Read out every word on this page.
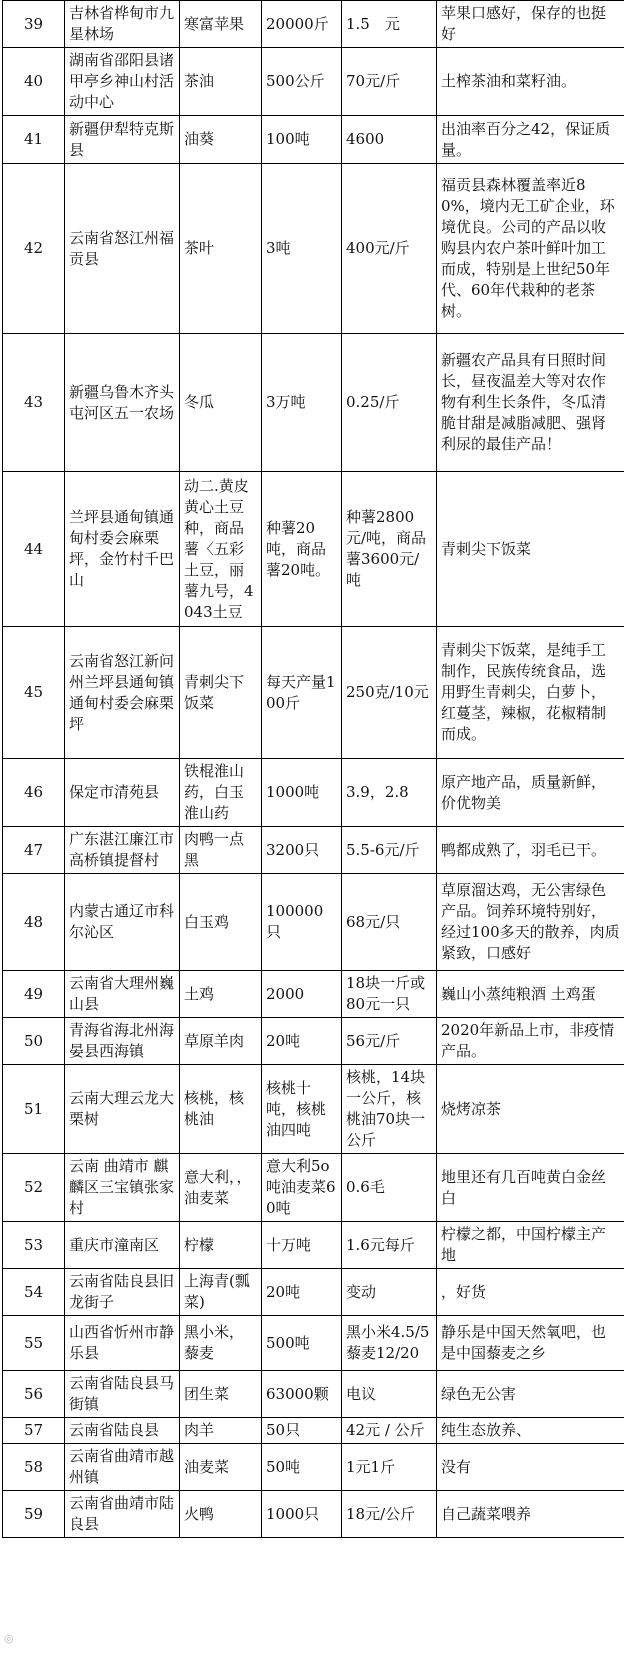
39	吉林省桦甸市九星林场	寒富苹果	20000斤	1.5　元	苹果口感好，保存的也挺好
40	湖南省邵阳县诸甲亭乡神山村活动中心	茶油	500公斤	70元/斤	土榨茶油和菜籽油。
41	新疆伊犁特克斯县	油葵	100吨	4600	出油率百分之42，保证质量。
42	云南省怒江州福贡县	茶叶	3吨	400元/斤	福贡县森林覆盖率近80%，境内无工矿企业，环境优良。公司的产品以收购县内农户茶叶鲜叶加工而成，特别是上世纪50年代、60年代栽种的老茶树。
43	新疆乌鲁木齐头屯河区五一农场	冬瓜	3万吨	0.25/斤	新疆农产品具有日照时间长，昼夜温差大等对农作物有利生长条件，冬瓜清脆甘甜是减脂减肥、强肾利尿的最佳产品！
44	兰坪县通甸镇通甸村委会麻栗坪，金竹村千巴山	动二.黄皮黄心土豆种，商品薯〈五彩土豆，丽薯九号，4043土豆	种薯20吨，商品薯20吨。	种薯2800元/吨，商品薯3600元/吨	青刺尖下饭菜
45	云南省怒江新问州兰坪县通甸镇通甸村委会麻栗坪	青刺尖下饭菜	每天产量100斤	250克/10元	青刺尖下饭菜，是纯手工制作，民族传统食品，选用野生青刺尖，白萝卜，红蔓茎，辣椒，花椒精制而成。
46	保定市清苑县	铁棍淮山药，白玉淮山药	1000吨	3.9，2.8	原产地产品，质量新鲜，价优物美
47	广东湛江廉江市高桥镇提督村	肉鸭一点黑	3200只	5.5-6元/斤	鸭都成熟了，羽毛已干。
48	内蒙古通辽市科尔沁区	白玉鸡	100000只	68元/只	草原溜达鸡，无公害绿色产品。饲养环境特别好，经过100多天的散养，肉质紧致，口感好
49	云南省大理州巍山县	土鸡	2000	18块一斤或80元一只	巍山小蒸纯粮酒 土鸡蛋
50	青海省海北州海晏县西海镇	草原羊肉	20吨	56元/斤	2020年新品上市，非疫情产品。
51	云南大理云龙大栗树	核桃，核桃油	核桃十吨，核桃油四吨	核桃，14块一公斤，核桃油70块一公斤	烧烤凉茶
52	云南 曲靖市 麒麟区三宝镇张家村	意大利，，油麦菜	意大利5o吨油麦菜60吨	0.6毛	地里还有几百吨黄白金丝白
53	重庆市潼南区	柠檬	十万吨	1.6元每斤	柠檬之都，中国柠檬主产地
54	云南省陆良县旧龙街子	上海青(瓢菜)	20吨	变动	，好货
55	山西省忻州市静乐县	黑小米，藜麦	500吨	黑小米4.5/5藜麦12/20	静乐是中国天然氧吧，也是中国藜麦之乡
56	云南省陆良县马街镇	团生菜	63000颗	电议	绿色无公害
57	云南省陆良县	肉羊	50只	42元 / 公斤	纯生态放养、
58	云南省曲靖市越州镇	油麦菜	50吨	1元1斤	没有
59	云南省曲靖市陆良县	火鸭	1000只	18元/公斤	自己蔬菜喂养
◎
